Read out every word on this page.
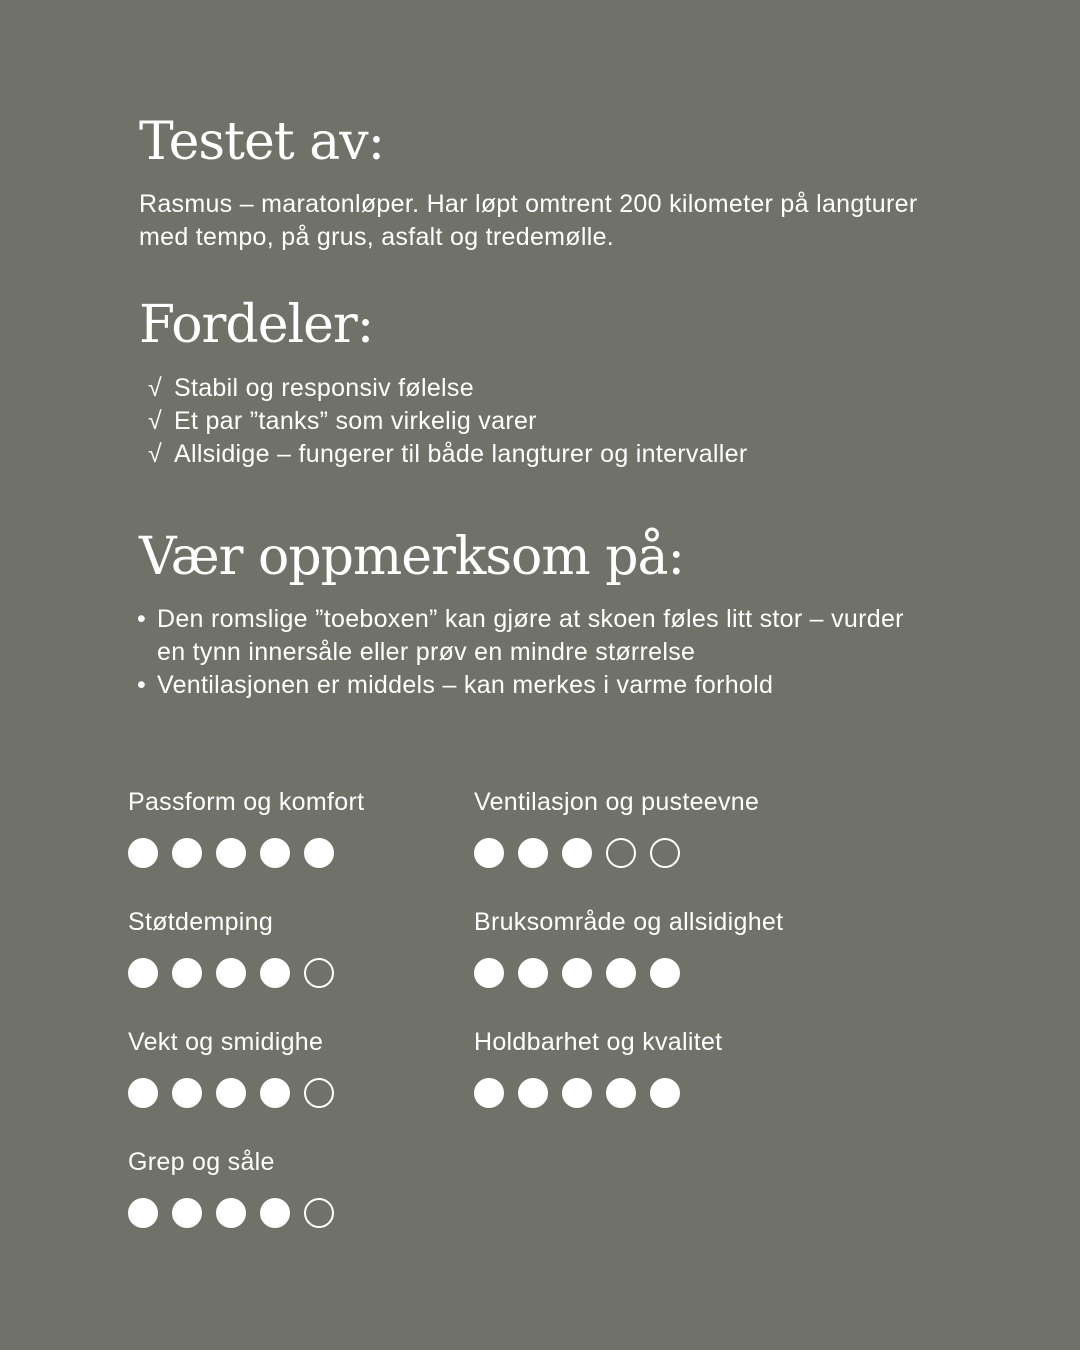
Testet av:

Rasmus – maratonløper. Har løpt omtrent 200 kilometer på langturer med tempo, på grus, asfalt og tredemølle.

Fordeler:
√ Stabil og responsiv følelse
√ Et par ”tanks” som virkelig varer
√ Allsidige – fungerer til både langturer og intervaller
Vær oppmerksom på:
• Den romslige ”toeboxen” kan gjøre at skoen føles litt stor – vurder en tynn innersåle eller prøv en mindre størrelse
• Ventilasjonen er middels – kan merkes i varme forhold
Passform og komfort	Ventilasjon og pusteevne
Støtdemping	Bruksområde og allsidighet
Vekt og smidighe	Holdbarhet og kvalitet
Grep og såle
